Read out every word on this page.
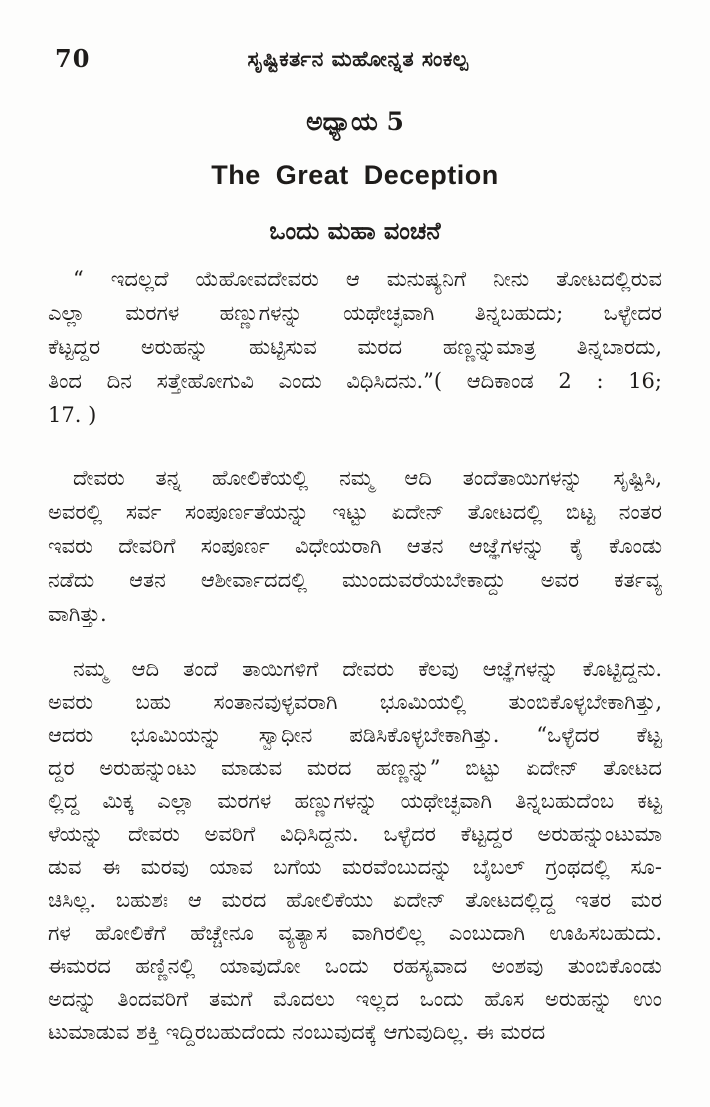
70	ಸೃಷ್ಟಿಕರ್ತನ ಮಹೋನ್ನತ ಸಂಕಲ್ಪ
ಅಧ್ಯಾಯ 5
The Great Deception
ಒಂದು ಮಹಾ ವಂಚನೆ
“ ಇದಲ್ಲದೆ ಯೆಹೋವದೇವರು ಆ ಮನುಷ್ಯನಿಗೆ ನೀನು ತೋಟದಲ್ಲಿರುವ
ಎಲ್ಲಾ ಮರಗಳ ಹಣ್ಣುಗಳನ್ನು ಯಥೇಚ್ಛವಾಗಿ ತಿನ್ನಬಹುದು; ಒಳ್ಳೇದರ
ಕೆಟ್ಟದ್ದರ ಅರುಹನ್ನು ಹುಟ್ಟಿಸುವ ಮರದ ಹಣ್ಣನ್ನುಮಾತ್ರ ತಿನ್ನಬಾರದು,
ತಿಂದ ದಿನ ಸತ್ತೇಹೋಗುವಿ ಎಂದು ವಿಧಿಸಿದನು.”( ಆದಿಕಾಂಡ 2 : 16;
17. )
ದೇವರು ತನ್ನ ಹೋಲಿಕೆಯಲ್ಲಿ ನಮ್ಮ ಆದಿ ತಂದೆತಾಯಿಗಳನ್ನು ಸೃಷ್ಟಿಸಿ,
ಅವರಲ್ಲಿ ಸರ್ವ ಸಂಪೂರ್ಣತೆಯನ್ನು ಇಟ್ಟು ಏದೇನ್ ತೋಟದಲ್ಲಿ ಬಿಟ್ಟ ನಂತರ
ಇವರು ದೇವರಿಗೆ ಸಂಪೂರ್ಣ ವಿಧೇಯರಾಗಿ ಆತನ ಆಜ್ಞೆಗಳನ್ನು ಕೈ ಕೊಂಡು
ನಡೆದು ಆತನ ಆಶೀರ್ವಾದದಲ್ಲಿ ಮುಂದುವರೆಯಬೇಕಾದ್ದು ಅವರ ಕರ್ತವ್ಯ
ವಾಗಿತ್ತು.
ನಮ್ಮ ಆದಿ ತಂದೆ ತಾಯಿಗಳಿಗೆ ದೇವರು ಕೆಲವು ಆಜ್ಞೆಗಳನ್ನು ಕೊಟ್ಟಿದ್ದನು.
ಅವರು ಬಹು ಸಂತಾನವುಳ್ಳವರಾಗಿ ಭೂಮಿಯಲ್ಲಿ ತುಂಬಿಕೊಳ್ಳಬೇಕಾಗಿತ್ತು,
ಆದರು ಭೂಮಿಯನ್ನು ಸ್ವಾಧೀನ ಪಡಿಸಿಕೊಳ್ಳಬೇಕಾಗಿತ್ತು. “ಒಳ್ಳೆದರ ಕೆಟ್ಟ
ದ್ದರ ಅರುಹನ್ನುಂಟು ಮಾಡುವ ಮರದ ಹಣ್ಣನ್ನು” ಬಿಟ್ಟು ಏದೇನ್ ತೋಟದ
ಲ್ಲಿದ್ದ ಮಿಕ್ಕ ಎಲ್ಲಾ ಮರಗಳ ಹಣ್ಣುಗಳನ್ನು ಯಥೇಚ್ಛವಾಗಿ ತಿನ್ನಬಹುದೆಂಬ ಕಟ್ಟ
ಳೆಯನ್ನು ದೇವರು ಅವರಿಗೆ ವಿಧಿಸಿದ್ದನು. ಒಳ್ಳೆದರ ಕೆಟ್ಟದ್ದರ ಅರುಹನ್ನುಂಟುಮಾ
ಡುವ ಈ ಮರವು ಯಾವ ಬಗೆಯ ಮರವೆಂಬುದನ್ನು ಬೈಬಲ್ ಗ್ರಂಥದಲ್ಲಿ ಸೂ-
ಚಿಸಿಲ್ಲ. ಬಹುಶಃ ಆ ಮರದ ಹೋಲಿಕೆಯು ಏದೇನ್ ತೋಟದಲ್ಲಿದ್ದ ಇತರ ಮರ
ಗಳ ಹೋಲಿಕೆಗೆ ಹೆಚ್ಚೇನೂ ವ್ಯತ್ಯಾಸ ವಾಗಿರಲಿಲ್ಲ ಎಂಬುದಾಗಿ ಊಹಿಸಬಹುದು.
ಈಮರದ ಹಣ್ಣಿನಲ್ಲಿ ಯಾವುದೋ ಒಂದು ರಹಸ್ಯವಾದ ಅಂಶವು ತುಂಬಿಕೊಂಡು
ಅದನ್ನು ತಿಂದವರಿಗೆ ತಮಗೆ ಮೊದಲು ಇಲ್ಲದ ಒಂದು ಹೊಸ ಅರುಹನ್ನು ಉಂ
ಟುಮಾಡುವ ಶಕ್ತಿ ಇದ್ದಿರಬಹುದೆಂದು ನಂಬುವುದಕ್ಕೆ ಆಗುವುದಿಲ್ಲ. ಈ ಮರದ
